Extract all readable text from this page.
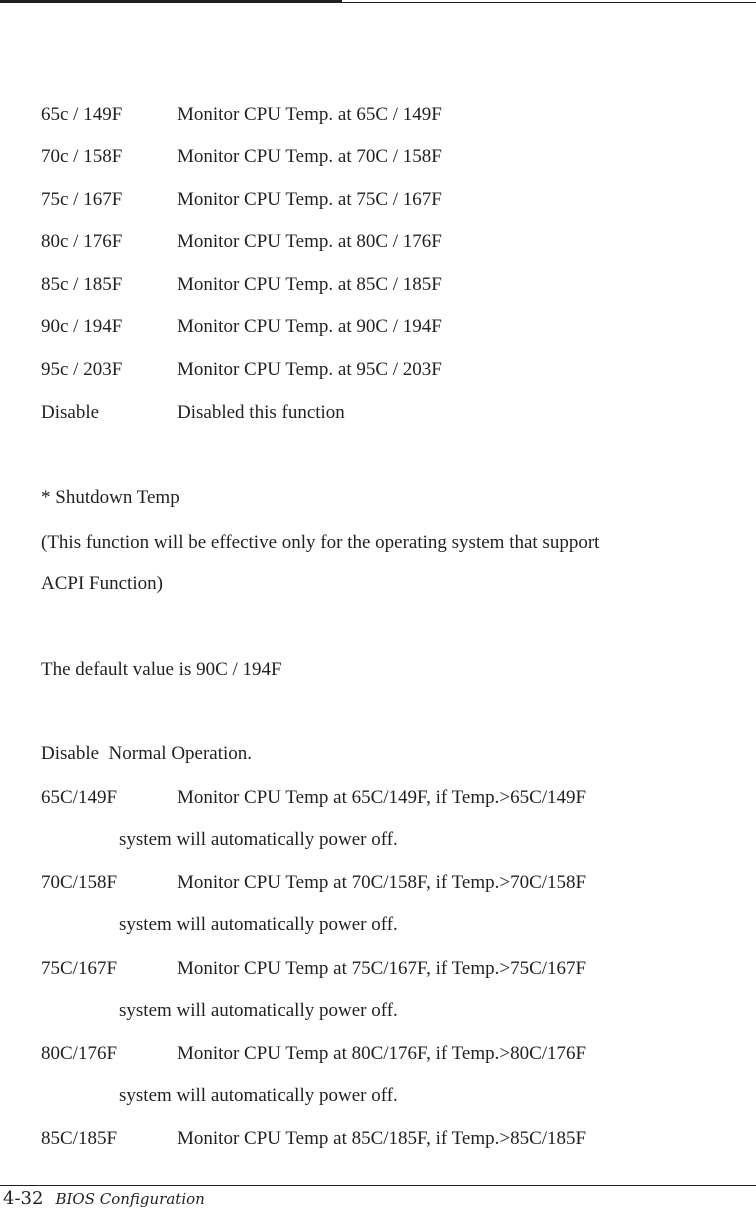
65c / 149F	Monitor CPU Temp. at 65C / 149F
70c / 158F	Monitor CPU Temp. at 70C / 158F
75c / 167F	Monitor CPU Temp. at 75C / 167F
80c / 176F	Monitor CPU Temp. at 80C / 176F
85c / 185F	Monitor CPU Temp. at 85C / 185F
90c / 194F	Monitor CPU Temp. at 90C / 194F
95c / 203F	Monitor CPU Temp. at 95C / 203F
Disable	Disabled this function
* Shutdown Temp
(This function will be effective only for the operating system that support
ACPI Function)
The default value is 90C / 194F
Disable  Normal Operation.
65C/149F	Monitor CPU Temp at 65C/149F, if Temp.>65C/149F
system will automatically power off.
70C/158F	Monitor CPU Temp at 70C/158F, if Temp.>70C/158F
system will automatically power off.
75C/167F	Monitor CPU Temp at 75C/167F, if Temp.>75C/167F
system will automatically power off.
80C/176F	Monitor CPU Temp at 80C/176F, if Temp.>80C/176F
system will automatically power off.
85C/185F	Monitor CPU Temp at 85C/185F, if Temp.>85C/185F
4-32 BIOS Configuration
